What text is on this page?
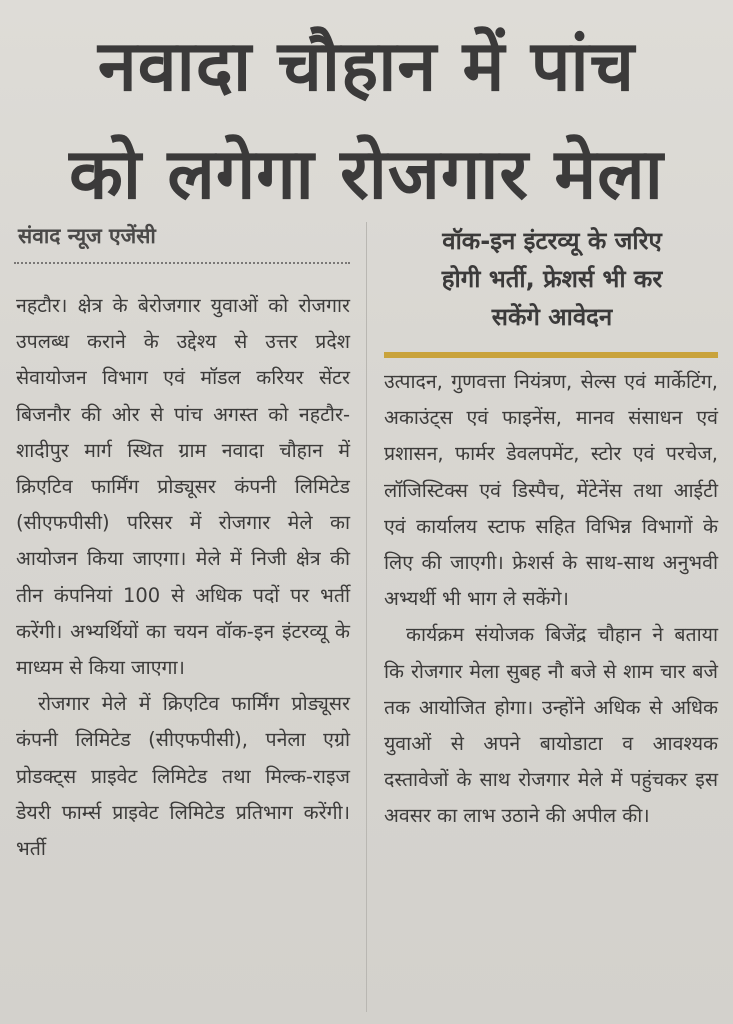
नवादा चौहान में पांच
को लगेगा रोजगार मेला
संवाद न्यूज एजेंसी	वॉक-इन इंटरव्यू के जरिए
होगी भर्ती, फ्रेशर्स भी कर
सकेंगे आवेदन

नहटौर। क्षेत्र के बेरोजगार युवाओं को रोजगार उपलब्ध कराने के उद्देश्य से उत्तर प्रदेश सेवायोजन विभाग एवं मॉडल करियर सेंटर बिजनौर की ओर से पांच अगस्त को नहटौर-शादीपुर मार्ग स्थित ग्राम नवादा चौहान में क्रिएटिव फार्मिंग प्रोड्यूसर कंपनी लिमिटेड (सीएफपीसी) परिसर में रोजगार मेले का आयोजन किया जाएगा। मेले में निजी क्षेत्र की तीन कंपनियां 100 से अधिक पदों पर भर्ती करेंगी। अभ्यर्थियों का चयन वॉक-इन इंटरव्यू के माध्यम से किया जाएगा।

रोजगार मेले में क्रिएटिव फार्मिंग प्रोड्यूसर कंपनी लिमिटेड (सीएफपीसी), पनेला एग्रो प्रोडक्ट्स प्राइवेट लिमिटेड तथा मिल्क-राइज डेयरी फार्म्स प्राइवेट लिमिटेड प्रतिभाग करेंगी। भर्ती

उत्पादन, गुणवत्ता नियंत्रण, सेल्स एवं मार्केटिंग, अकाउंट्स एवं फाइनेंस, मानव संसाधन एवं प्रशासन, फार्मर डेवलपमेंट, स्टोर एवं परचेज, लॉजिस्टिक्स एवं डिस्पैच, मेंटेनेंस तथा आईटी एवं कार्यालय स्टाफ सहित विभिन्न विभागों के लिए की जाएगी। फ्रेशर्स के साथ-साथ अनुभवी अभ्यर्थी भी भाग ले सकेंगे।

कार्यक्रम संयोजक बिजेंद्र चौहान ने बताया कि रोजगार मेला सुबह नौ बजे से शाम चार बजे तक आयोजित होगा। उन्होंने अधिक से अधिक युवाओं से अपने बायोडाटा व आवश्यक दस्तावेजों के साथ रोजगार मेले में पहुंचकर इस अवसर का लाभ उठाने की अपील की।
